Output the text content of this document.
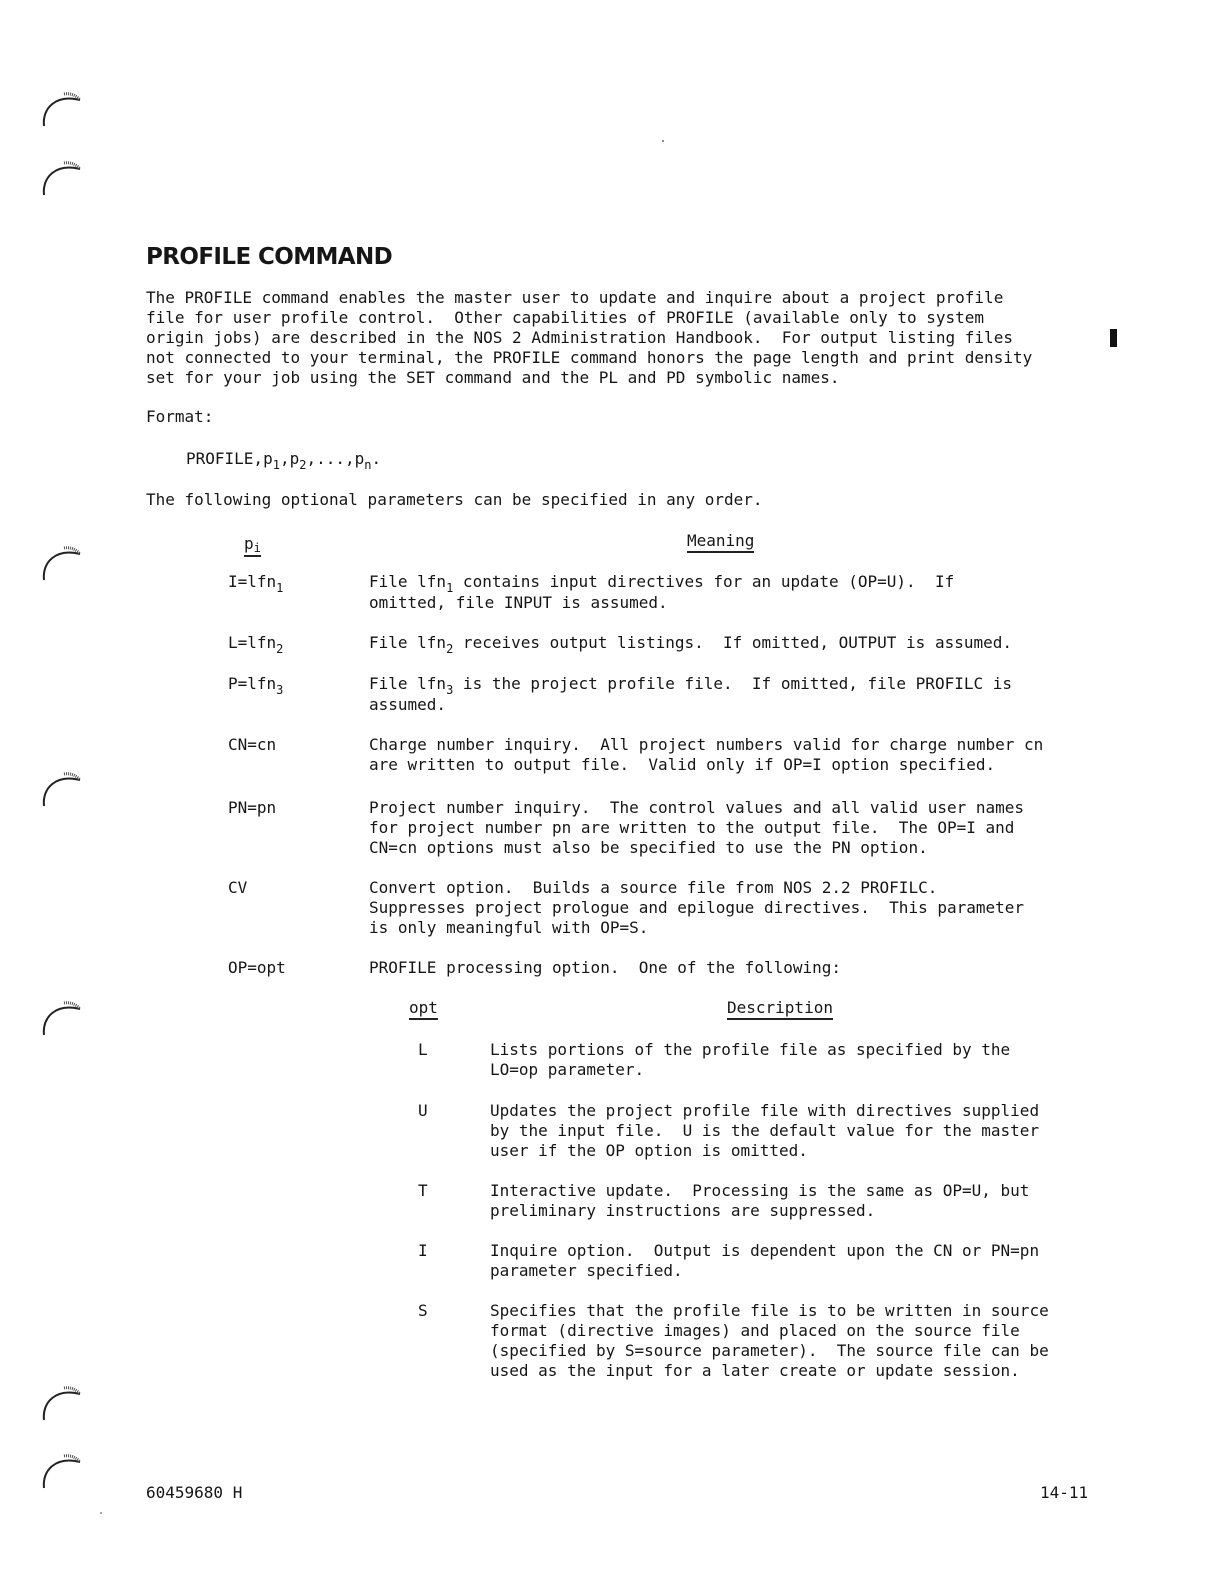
PROFILE COMMAND

The PROFILE command enables the master user to update and inquire about a project profile
file for user profile control.  Other capabilities of PROFILE (available only to system
origin jobs) are described in the NOS 2 Administration Handbook.  For output listing files
not connected to your terminal, the PROFILE command honors the page length and print density
set for your job using the SET command and the PL and PD symbolic names.

Format:

$PROFILE,p_1,p_2,...,p_n$.

The following optional parameters can be specified in any order.

pi	Meaning
I=lfn$_1$	File lfn$_1$ contains input directives for an update (OP=U).  If
omitted, file INPUT is assumed.

L=lfn$_2$	File lfn$_2$ receives output listings.  If omitted, OUTPUT is assumed.

P=lfn$_3$	File lfn$_3$ is the project profile file.  If omitted, file PROFILC is
assumed.

CN=cn	Charge number inquiry.  All project numbers valid for charge number cn
are written to output file.  Valid only if OP=I option specified.

PN=pn	Project number inquiry.  The control values and all valid user names
for project number pn are written to the output file.  The OP=I and
CN=cn options must also be specified to use the PN option.

CV	Convert option.  Builds a source file from NOS 2.2 PROFILC.
Suppresses project prologue and epilogue directives.  This parameter
is only meaningful with OP=S.

OP=opt	PROFILE processing option.  One of the following:

opt	Description
L	Lists portions of the profile file as specified by the
LO=op parameter.

U	Updates the project profile file with directives supplied
by the input file.  U is the default value for the master
user if the OP option is omitted.

T	Interactive update.  Processing is the same as OP=U, but
preliminary instructions are suppressed.

I	Inquire option.  Output is dependent upon the CN or PN=pn
parameter specified.

S	Specifies that the profile file is to be written in source
format (directive images) and placed on the source file
(specified by S=source parameter).  The source file can be
used as the input for a later create or update session.

60459680 H	14-11
